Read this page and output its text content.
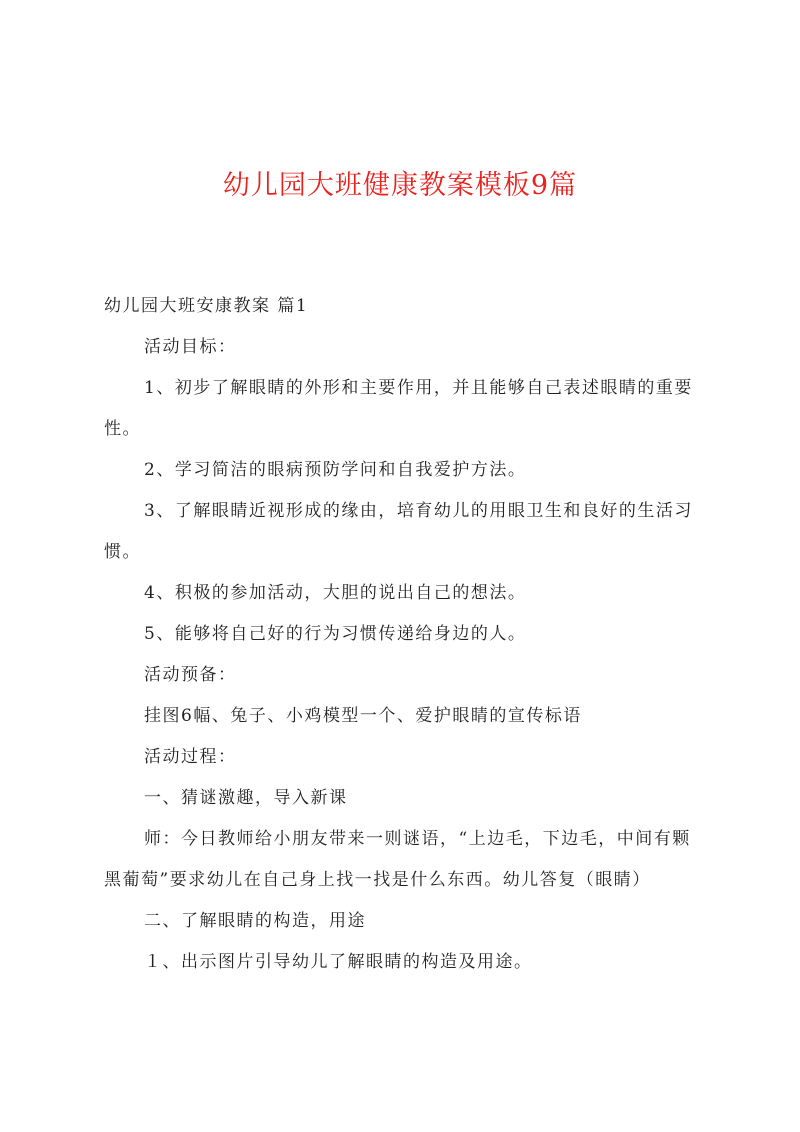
幼儿园大班健康教案模板9篇

幼儿园大班安康教案 篇1

活动目标：

1、初步了解眼睛的外形和主要作用，并且能够自己表述眼睛的重要性。

2、学习简洁的眼病预防学问和自我爱护方法。

3、了解眼睛近视形成的缘由，培育幼儿的用眼卫生和良好的生活习惯。

4、积极的参加活动，大胆的说出自己的想法。

5、能够将自己好的行为习惯传递给身边的人。

活动预备：

挂图6幅、兔子、小鸡模型一个、爱护眼睛的宣传标语

活动过程：

一、猜谜激趣，导入新课

师：今日教师给小朋友带来一则谜语，“上边毛，下边毛，中间有颗黑葡萄”要求幼儿在自己身上找一找是什么东西。幼儿答复（眼睛）

二、了解眼睛的构造，用途

１、出示图片引导幼儿了解眼睛的构造及用途。
